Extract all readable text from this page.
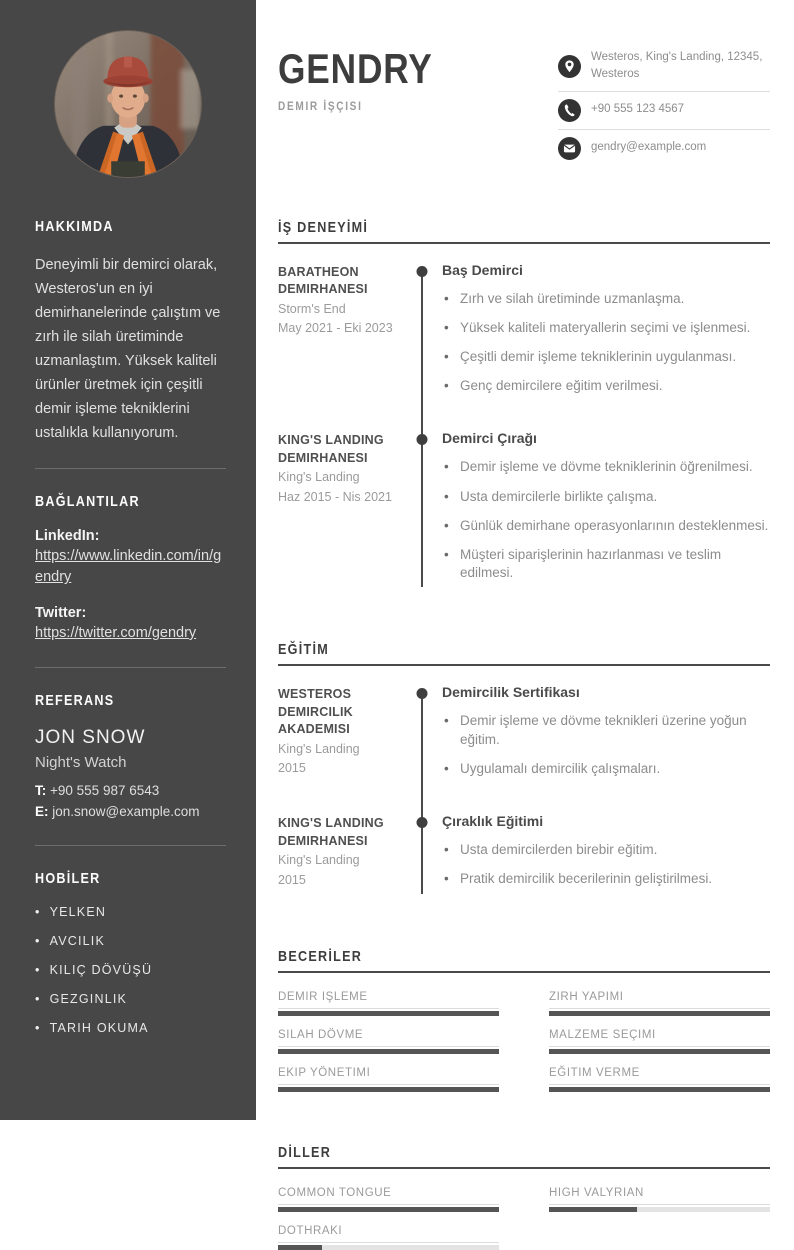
HAKKIMDA

Deneyimli bir demirci olarak, Westeros'un en iyi demirhanelerinde çalıştım ve zırh ile silah üretiminde uzmanlaştım. Yüksek kaliteli ürünler üretmek için çeşitli demir işleme tekniklerini ustalıkla kullanıyorum.

BAĞLANTILAR
LinkedIn:
https://www.linkedin.com/in/gendry
Twitter:
https://twitter.com/gendry
REFERANS
JON SNOW
Night's Watch
T: +90 555 987 6543
E: jon.snow@example.com
HOBİLER
• YELKEN
• AVCILIK
• KILIÇ DÖVÜŞÜ
• GEZGINLIK
• TARIH OKUMA
GENDRY
DEMIR İŞÇISI
Westeros, King's Landing, 12345, Westeros
+90 555 123 4567
gendry@example.com
İŞ DENEYİMİ
BARATHEON DEMIRHANESI
Storm's End
May 2021 - Eki 2023
Baş Demirci
• Zırh ve silah üretiminde uzmanlaşma.
• Yüksek kaliteli materyallerin seçimi ve işlenmesi.
• Çeşitli demir işleme tekniklerinin uygulanması.
• Genç demircilere eğitim verilmesi.
KING'S LANDING DEMIRHANESI
King's Landing
Haz 2015 - Nis 2021
Demirci Çırağı
• Demir işleme ve dövme tekniklerinin öğrenilmesi.
• Usta demircilerle birlikte çalışma.
• Günlük demirhane operasyonlarının desteklenmesi.
• Müşteri siparişlerinin hazırlanması ve teslim edilmesi.
EĞİTİM
WESTEROS DEMIRCILIK AKADEMISI
King's Landing
2015
Demircilik Sertifikası
• Demir işleme ve dövme teknikleri üzerine yoğun eğitim.
• Uygulamalı demircilik çalışmaları.
KING'S LANDING DEMIRHANESI
King's Landing
2015
Çıraklık Eğitimi
• Usta demircilerden birebir eğitim.
• Pratik demircilik becerilerinin geliştirilmesi.
BECERİLER
DEMIR IŞLEME	ZIRH YAPIMI
SILAH DÖVME	MALZEME SEÇIMI
EKIP YÖNETIMI	EĞITIM VERME
DİLLER
COMMON TONGUE	HIGH VALYRIAN
DOTHRAKI
